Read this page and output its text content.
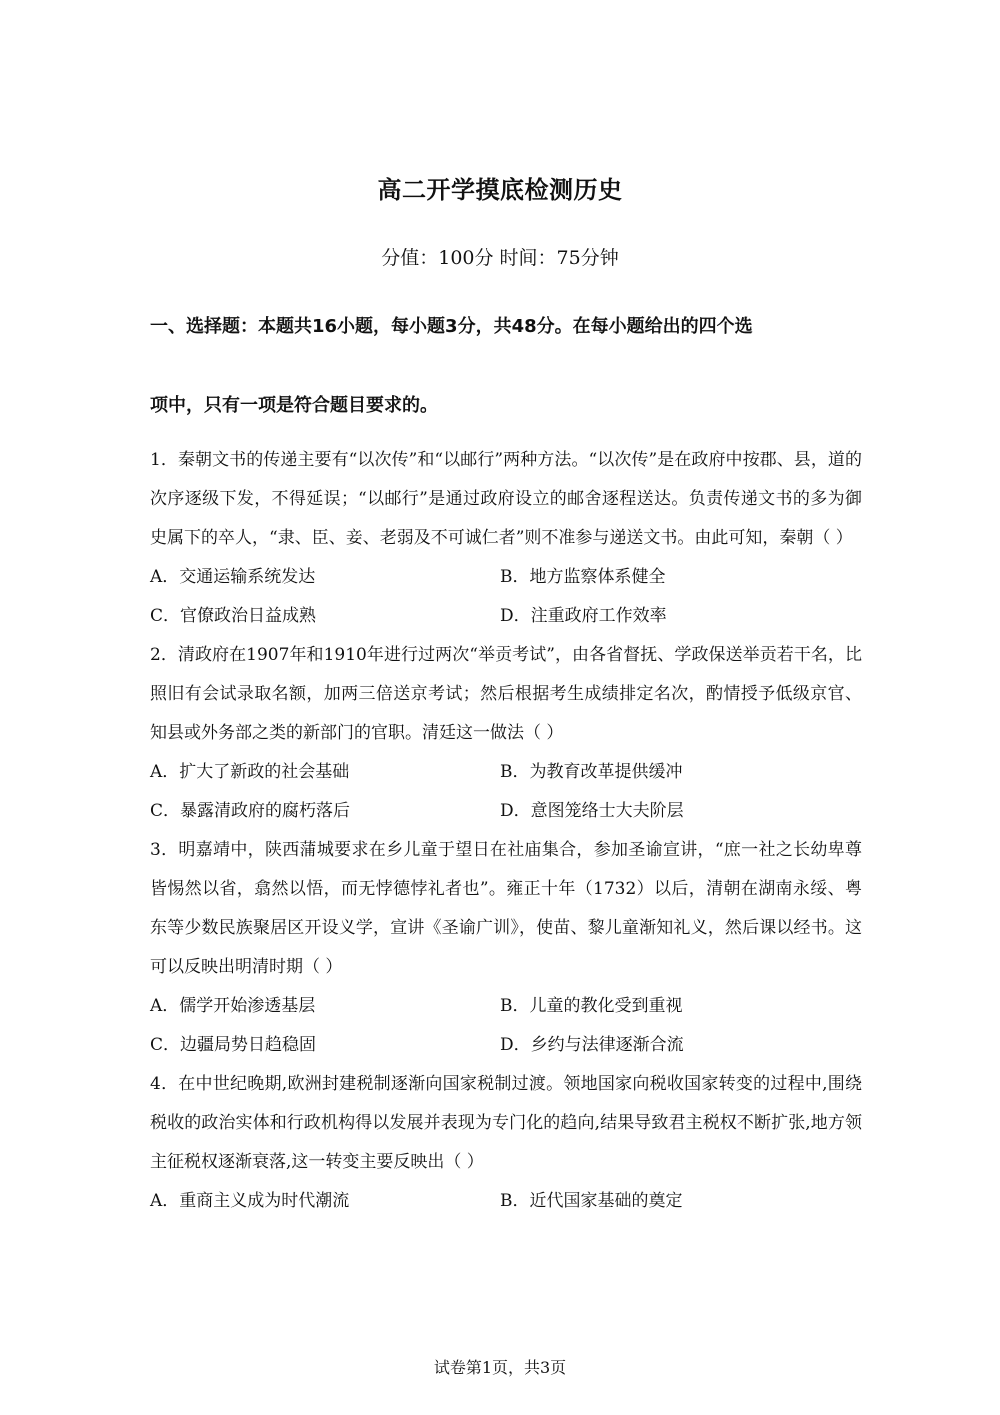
高二开学摸底检测历史
分值：100分 时间：75分钟
一、选择题：本题共16小题，每小题3分，共48分。在每小题给出的四个选
项中，只有一项是符合题目要求的。

1．秦朝文书的传递主要有“以次传”和“以邮行”两种方法。“以次传”是在政府中按郡、县，道的次序逐级下发，不得延误；“以邮行”是通过政府设立的邮舍逐程送达。负责传递文书的多为御史属下的卒人，“隶、臣、妾、老弱及不可诚仁者”则不准参与递送文书。由此可知，秦朝（ ）

A．交通运输系统发达	B．地方监察体系健全
C．官僚政治日益成熟	D．注重政府工作效率

2．清政府在1907年和1910年进行过两次“举贡考试”，由各省督抚、学政保送举贡若干名，比照旧有会试录取名额，加两三倍送京考试；然后根据考生成绩排定名次，酌情授予低级京官、知县或外务部之类的新部门的官职。清廷这一做法（ ）

A．扩大了新政的社会基础	B．为教育改革提供缓冲
C．暴露清政府的腐朽落后	D．意图笼络士大夫阶层

3．明嘉靖中，陕西蒲城要求在乡儿童于望日在社庙集合，参加圣谕宣讲，“庶一社之长幼卑尊皆惕然以省，翕然以悟，而无悖德悖礼者也”。雍正十年（1732）以后，清朝在湖南永绥、粤东等少数民族聚居区开设义学，宣讲《圣谕广训》，使苗、黎儿童渐知礼义，然后课以经书。这可以反映出明清时期（ ）

A．儒学开始渗透基层	B．儿童的教化受到重视
C．边疆局势日趋稳固	D．乡约与法律逐渐合流

4．在中世纪晚期,欧洲封建税制逐渐向国家税制过渡。领地国家向税收国家转变的过程中,围绕税收的政治实体和行政机构得以发展并表现为专门化的趋向,结果导致君主税权不断扩张,地方领主征税权逐渐衰落,这一转变主要反映出（ ）

A．重商主义成为时代潮流	B．近代国家基础的奠定
试卷第1页，共3页
